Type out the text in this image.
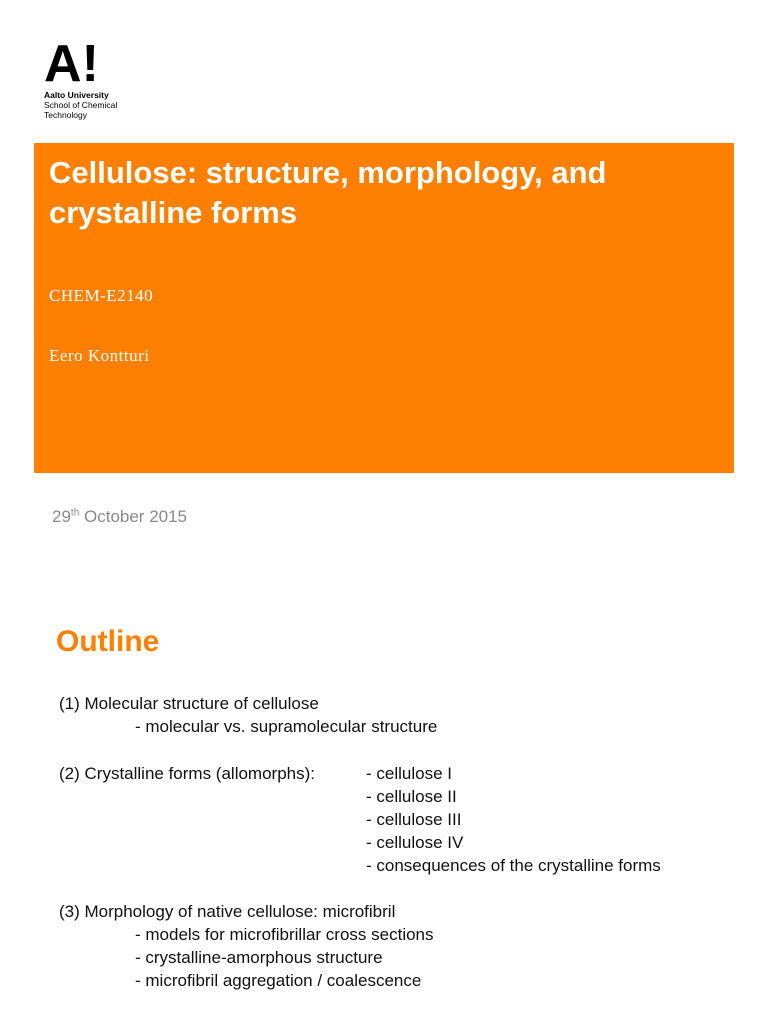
A !
Aalto University
School of Chemical Technology
Cellulose: structure, morphology, and crystalline forms
CHEM-E2140
Eero Kontturi
29th October 2015
Outline
(1) Molecular structure of cellulose
- molecular vs. supramolecular structure
(2) Crystalline forms (allomorphs):	- cellulose I
- cellulose II
- cellulose III
- cellulose IV
- consequences of the crystalline forms
(3) Morphology of native cellulose: microfibril
- models for microfibrillar cross sections
- crystalline-amorphous structure
- microfibril aggregation / coalescence
